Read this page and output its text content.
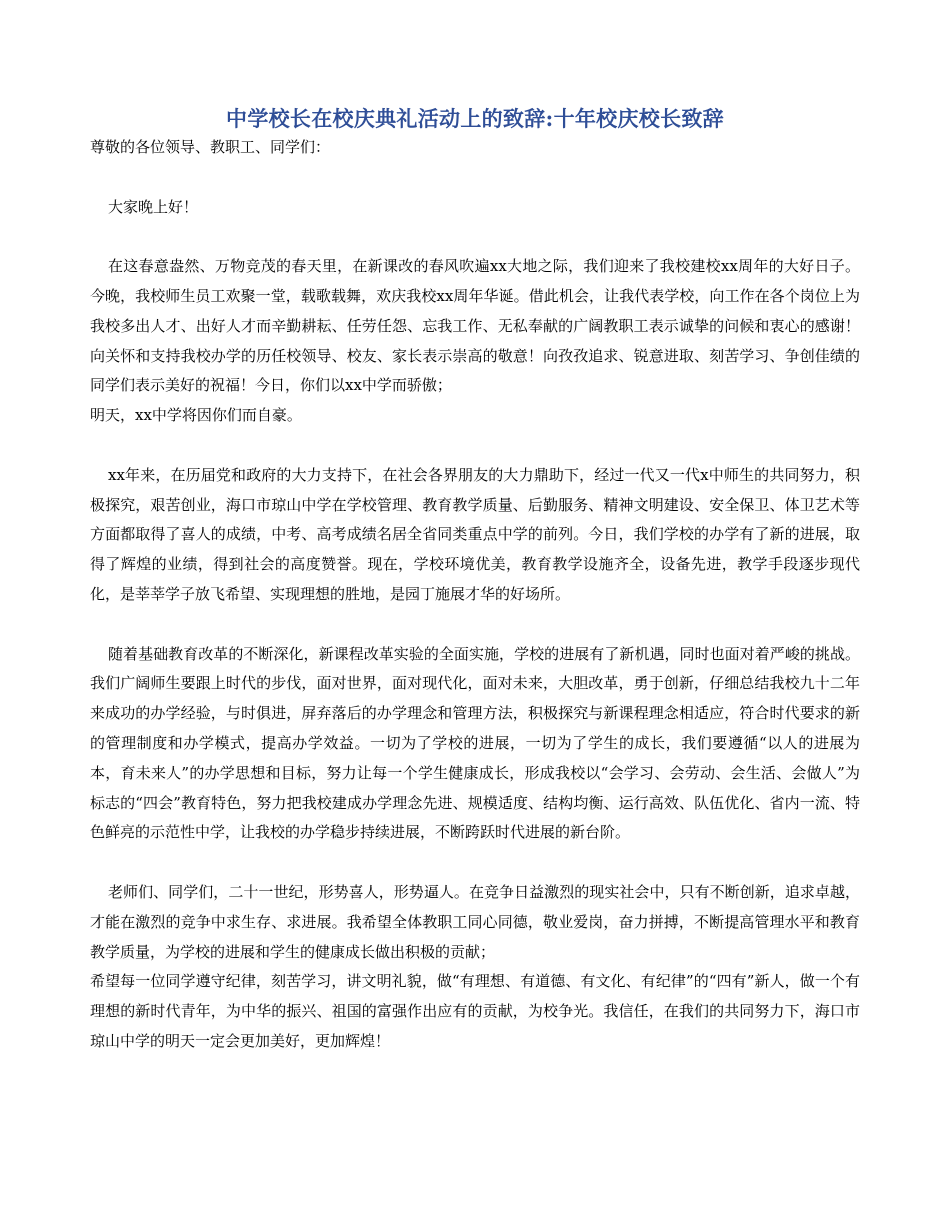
中学校长在校庆典礼活动上的致辞:十年校庆校长致辞

尊敬的各位领导、教职工、同学们：

大家晚上好！

在这春意盎然、万物竞茂的春天里，在新课改的春风吹遍xx大地之际，我们迎来了我校建校xx周年的大好日子。今晚，我校师生员工欢聚一堂，载歌载舞，欢庆我校xx周年华诞。借此机会，让我代表学校，向工作在各个岗位上为我校多出人才、出好人才而辛勤耕耘、任劳任怨、忘我工作、无私奉献的广阔教职工表示诚挚的问候和衷心的感谢！向关怀和支持我校办学的历任校领导、校友、家长表示崇高的敬意！向孜孜追求、锐意进取、刻苦学习、争创佳绩的同学们表示美好的祝福！今日，你们以xx中学而骄傲；

明天，xx中学将因你们而自豪。

xx年来，在历届党和政府的大力支持下，在社会各界朋友的大力鼎助下，经过一代又一代x中师生的共同努力，积极探究，艰苦创业，海口市琼山中学在学校管理、教育教学质量、后勤服务、精神文明建设、安全保卫、体卫艺术等方面都取得了喜人的成绩，中考、高考成绩名居全省同类重点中学的前列。今日，我们学校的办学有了新的进展，取得了辉煌的业绩，得到社会的高度赞誉。现在，学校环境优美，教育教学设施齐全，设备先进，教学手段逐步现代化，是莘莘学子放飞希望、实现理想的胜地，是园丁施展才华的好场所。

随着基础教育改革的不断深化，新课程改革实验的全面实施，学校的进展有了新机遇，同时也面对着严峻的挑战。我们广阔师生要跟上时代的步伐，面对世界，面对现代化，面对未来，大胆改革，勇于创新，仔细总结我校九十二年来成功的办学经验，与时俱进，屏弃落后的办学理念和管理方法，积极探究与新课程理念相适应，符合时代要求的新的管理制度和办学模式，提高办学效益。一切为了学校的进展，一切为了学生的成长，我们要遵循“以人的进展为本，育未来人”的办学思想和目标，努力让每一个学生健康成长，形成我校以“会学习、会劳动、会生活、会做人”为标志的“四会”教育特色，努力把我校建成办学理念先进、规模适度、结构均衡、运行高效、队伍优化、省内一流、特色鲜亮的示范性中学，让我校的办学稳步持续进展，不断跨跃时代进展的新台阶。

老师们、同学们，二十一世纪，形势喜人，形势逼人。在竞争日益激烈的现实社会中，只有不断创新，追求卓越，才能在激烈的竞争中求生存、求进展。我希望全体教职工同心同德，敬业爱岗，奋力拼搏，不断提高管理水平和教育教学质量，为学校的进展和学生的健康成长做出积极的贡献；

希望每一位同学遵守纪律，刻苦学习，讲文明礼貌，做“有理想、有道德、有文化、有纪律”的“四有”新人，做一个有理想的新时代青年，为中华的振兴、祖国的富强作出应有的贡献，为校争光。我信任，在我们的共同努力下，海口市琼山中学的明天一定会更加美好，更加辉煌！
